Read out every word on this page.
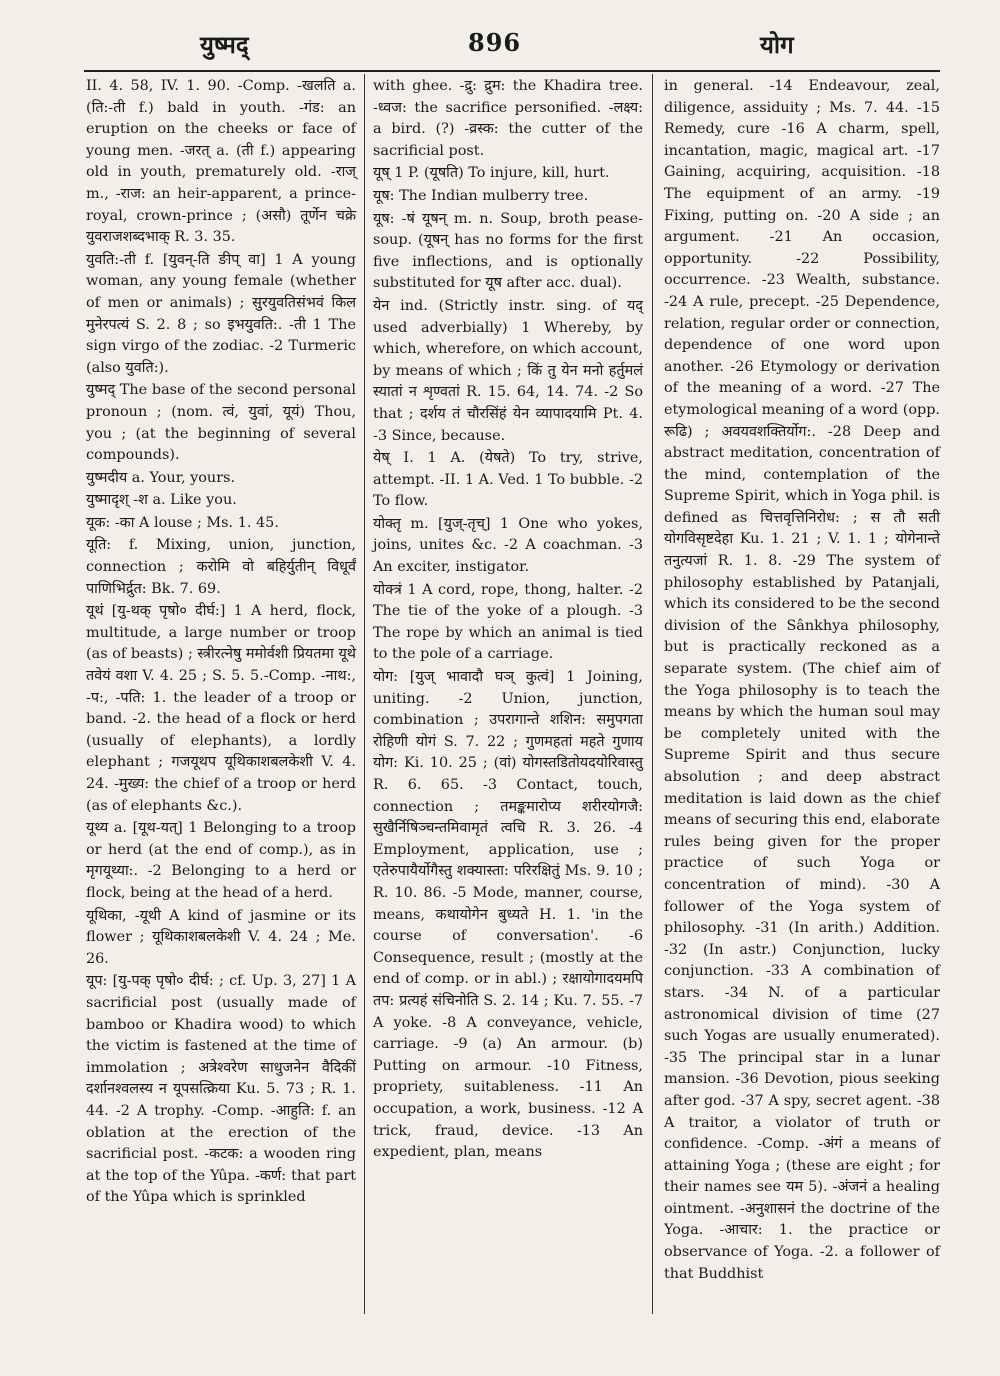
युष्मद्	896	योग

II. 4. 58, IV. 1. 90. -Comp. -खलति a. (ति:-ती f.) bald in youth. -गंड: an eruption on the cheeks or face of young men. -जरत् a. (ती f.) appearing old in youth, prematurely old. -राज् m., -राज: an heir-apparent, a prince-royal, crown-prince ; (असौ) तूर्णेन चक्रे युवराजशब्दभाक् R. 3. 35.

युवति:-ती f. [युवन्-ति ङीप् वा] 1 A young woman, any young female (whether of men or animals) ; सुरयुवतिसंभवं किल मुनेरपत्यं S. 2. 8 ; so इभयुवति:. -ती 1 The sign virgo of the zodiac. -2 Turmeric (also युवति:).

युष्मद् The base of the second personal pronoun ; (nom. त्वं, युवां, यूयं) Thou, you ; (at the beginning of several compounds).

युष्मदीय a. Your, yours.

युष्मादृश् -श a. Like you.

यूक: -का A louse ; Ms. 1. 45.

यूति: f. Mixing, union, junction, connection ; करोमि वो बहिर्युतीन् विधूर्वं पाणिभिर्द्रुत: Bk. 7. 69.

यूथं [यु-थक् पृषो० दीर्घ:] 1 A herd, flock, multitude, a large number or troop (as of beasts) ; स्त्रीरत्नेषु ममोर्वशी प्रियतमा यूथे तवेयं वशा V. 4. 25 ; S. 5. 5.-Comp. -नाथ:, -प:, -पति: 1. the leader of a troop or band. -2. the head of a flock or herd (usually of elephants), a lordly elephant ; गजयूथप यूथिकाशबलकेशी V. 4. 24. -मुख्य: the chief of a troop or herd (as of elephants &c.).

यूथ्य a. [यूथ-यत्] 1 Belonging to a troop or herd (at the end of comp.), as in मृगयूथ्या:. -2 Belonging to a herd or flock, being at the head of a herd.

यूथिका, -यूथी A kind of jasmine or its flower ; यूथिकाशबलकेशी V. 4. 24 ; Me. 26.

यूप: [यु-पक् पृषो० दीर्घ: ; cf. Up. 3, 27] 1 A sacrificial post (usually made of bamboo or Khadira wood) to which the victim is fastened at the time of immolation ; अत्रेश्वरेण साधुजनेन वैदिकीं दर्शानश्वलस्य न यूपसत्क्रिया Ku. 5. 73 ; R. 1. 44. -2 A trophy. -Comp. -आहुति: f. an oblation at the erection of the sacrificial post. -कटक: a wooden ring at the top of the Yûpa. -कर्ण: that part of the Yûpa which is sprinkled

with ghee. -द्रु: द्रुम: the Khadira tree. -ध्वज: the sacrifice personified. -लक्ष्य: a bird. (?) -व्रस्क: the cutter of the sacrificial post.

यूष् 1 P. (यूषति) To injure, kill, hurt.

यूष: The Indian mulberry tree.

यूष: -षं यूषन् m. n. Soup, broth pease-soup. (यूषन् has no forms for the first five inflections, and is optionally substituted for यूष after acc. dual).

येन ind. (Strictly instr. sing. of यद् used adverbially) 1 Whereby, by which, wherefore, on which account, by means of which ; किं तु येन मनो हर्तुमलं स्यातां न शृण्वतां R. 15. 64, 14. 74. -2 So that ; दर्शय तं चौरसिंहं येन व्यापादयामि Pt. 4. -3 Since, because.

येष् I. 1 A. (येषते) To try, strive, attempt. -II. 1 A. Ved. 1 To bubble. -2 To flow.

योक्तृ m. [युज्-तृच्] 1 One who yokes, joins, unites &c. -2 A coachman. -3 An exciter, instigator.

योक्त्रं 1 A cord, rope, thong, halter. -2 The tie of the yoke of a plough. -3 The rope by which an animal is tied to the pole of a carriage.

योग: [युज् भावादौ घञ् कुत्वं] 1 Joining, uniting. -2 Union, junction, combination ; उपरागान्ते शशिन: समुपगता रोहिणी योगं S. 7. 22 ; गुणमहतां महते गुणाय योग: Ki. 10. 25 ; (वां) योगस्तडितोयदयोरिवास्तु R. 6. 65. -3 Contact, touch, connection ; तमङ्कमारोप्य शरीरयोगजै: सुखैर्निषिञ्चन्तमिवामृतं त्वचि R. 3. 26. -4 Employment, application, use ; एतेरुपायैर्योगैस्तु शक्यास्ता: परिरक्षितुं Ms. 9. 10 ; R. 10. 86. -5 Mode, manner, course, means, कथायोगेन बुध्यते H. 1. 'in the course of conversation'. -6 Consequence, result ; (mostly at the end of comp. or in abl.) ; रक्षायोगादयमपि तप: प्रत्यहं संचिनोति S. 2. 14 ; Ku. 7. 55. -7 A yoke. -8 A conveyance, vehicle, carriage. -9 (a) An armour. (b) Putting on armour. -10 Fitness, propriety, suitableness. -11 An occupation, a work, business. -12 A trick, fraud, device. -13 An expedient, plan, means

in general. -14 Endeavour, zeal, diligence, assiduity ; Ms. 7. 44. -15 Remedy, cure -16 A charm, spell, incantation, magic, magical art. -17 Gaining, acquiring, acquisition. -18 The equipment of an army. -19 Fixing, putting on. -20 A side ; an argument. -21 An occasion, opportunity. -22 Possibility, occurrence. -23 Wealth, substance. -24 A rule, precept. -25 Dependence, relation, regular order or connection, dependence of one word upon another. -26 Etymology or derivation of the meaning of a word. -27 The etymological meaning of a word (opp. रूढि) ; अवयवशक्तिर्योग:. -28 Deep and abstract meditation, concentration of the mind, contemplation of the Supreme Spirit, which in Yoga phil. is defined as चित्तवृत्तिनिरोध: ; स तौ सती योगविसृष्टदेहा Ku. 1. 21 ; V. 1. 1 ; योगेनान्ते तनुत्यजां R. 1. 8. -29 The system of philosophy established by Patanjali, which its considered to be the second division of the Sânkhya philosophy, but is practically reckoned as a separate system. (The chief aim of the Yoga philosophy is to teach the means by which the human soul may be completely united with the Supreme Spirit and thus secure absolution ; and deep abstract meditation is laid down as the chief means of securing this end, elaborate rules being given for the proper practice of such Yoga or concentration of mind). -30 A follower of the Yoga system of philosophy. -31 (In arith.) Addition. -32 (In astr.) Conjunction, lucky conjunction. -33 A combination of stars. -34 N. of a particular astronomical division of time (27 such Yogas are usually enumerated). -35 The principal star in a lunar mansion. -36 Devotion, pious seeking after god. -37 A spy, secret agent. -38 A traitor, a violator of truth or confidence. -Comp. -अंगं a means of attaining Yoga ; (these are eight ; for their names see यम 5). -अंजनं a healing ointment. -अनुशासनं the doctrine of the Yoga. -आचार: 1. the practice or observance of Yoga. -2. a follower of that Buddhist
